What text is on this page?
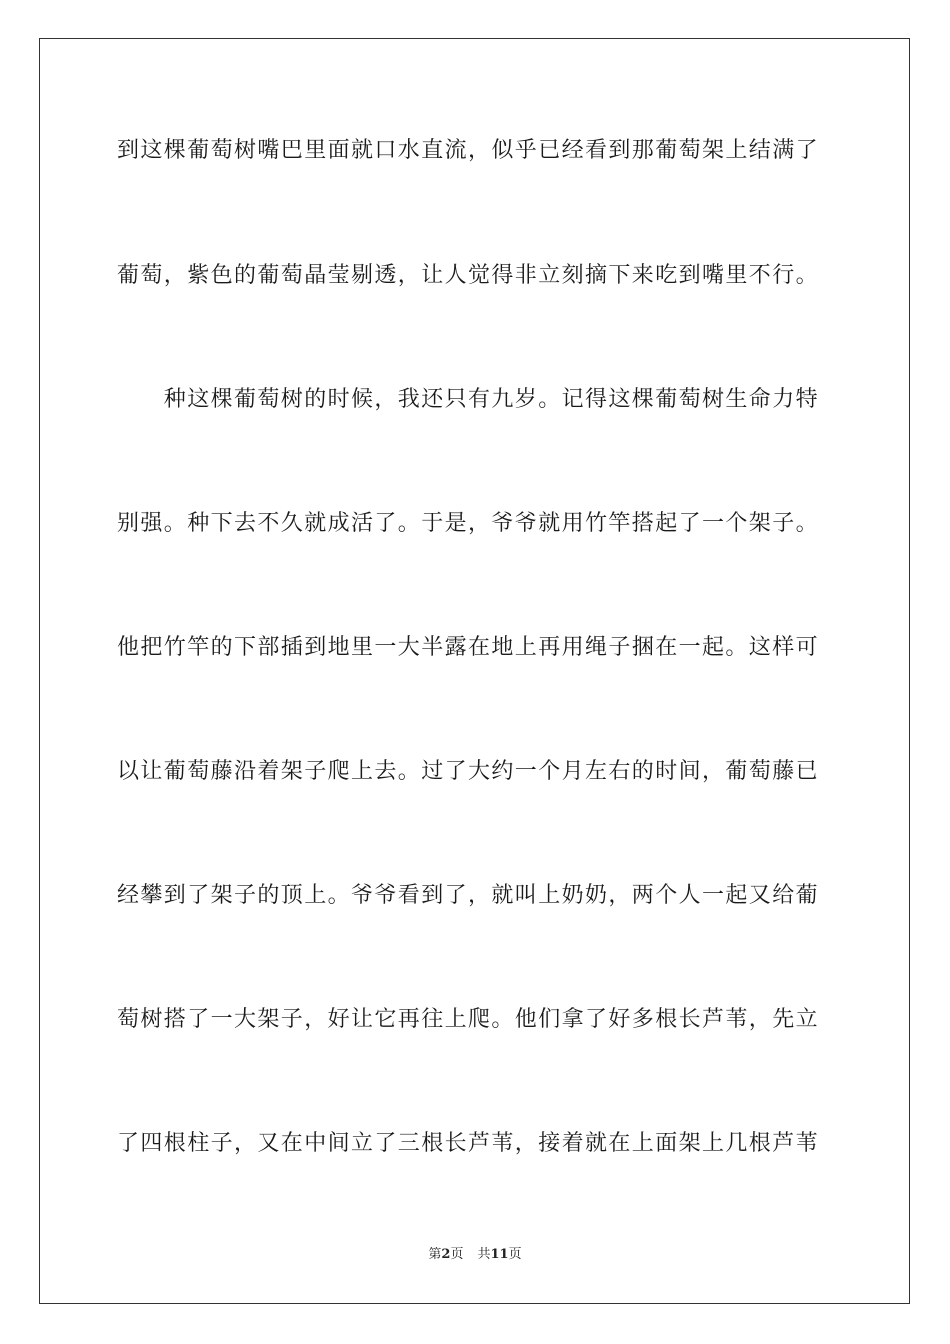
到这棵葡萄树嘴巴里面就口水直流，似乎已经看到那葡萄架上结满了
葡萄，紫色的葡萄晶莹剔透，让人觉得非立刻摘下来吃到嘴里不行。
　　种这棵葡萄树的时候，我还只有九岁。记得这棵葡萄树生命力特
别强。种下去不久就成活了。于是，爷爷就用竹竿搭起了一个架子。
他把竹竿的下部插到地里一大半露在地上再用绳子捆在一起。这样可
以让葡萄藤沿着架子爬上去。过了大约一个月左右的时间，葡萄藤已
经攀到了架子的顶上。爷爷看到了，就叫上奶奶，两个人一起又给葡
萄树搭了一大架子，好让它再往上爬。他们拿了好多根长芦苇，先立
了四根柱子，又在中间立了三根长芦苇，接着就在上面架上几根芦苇
第2页 共11页
